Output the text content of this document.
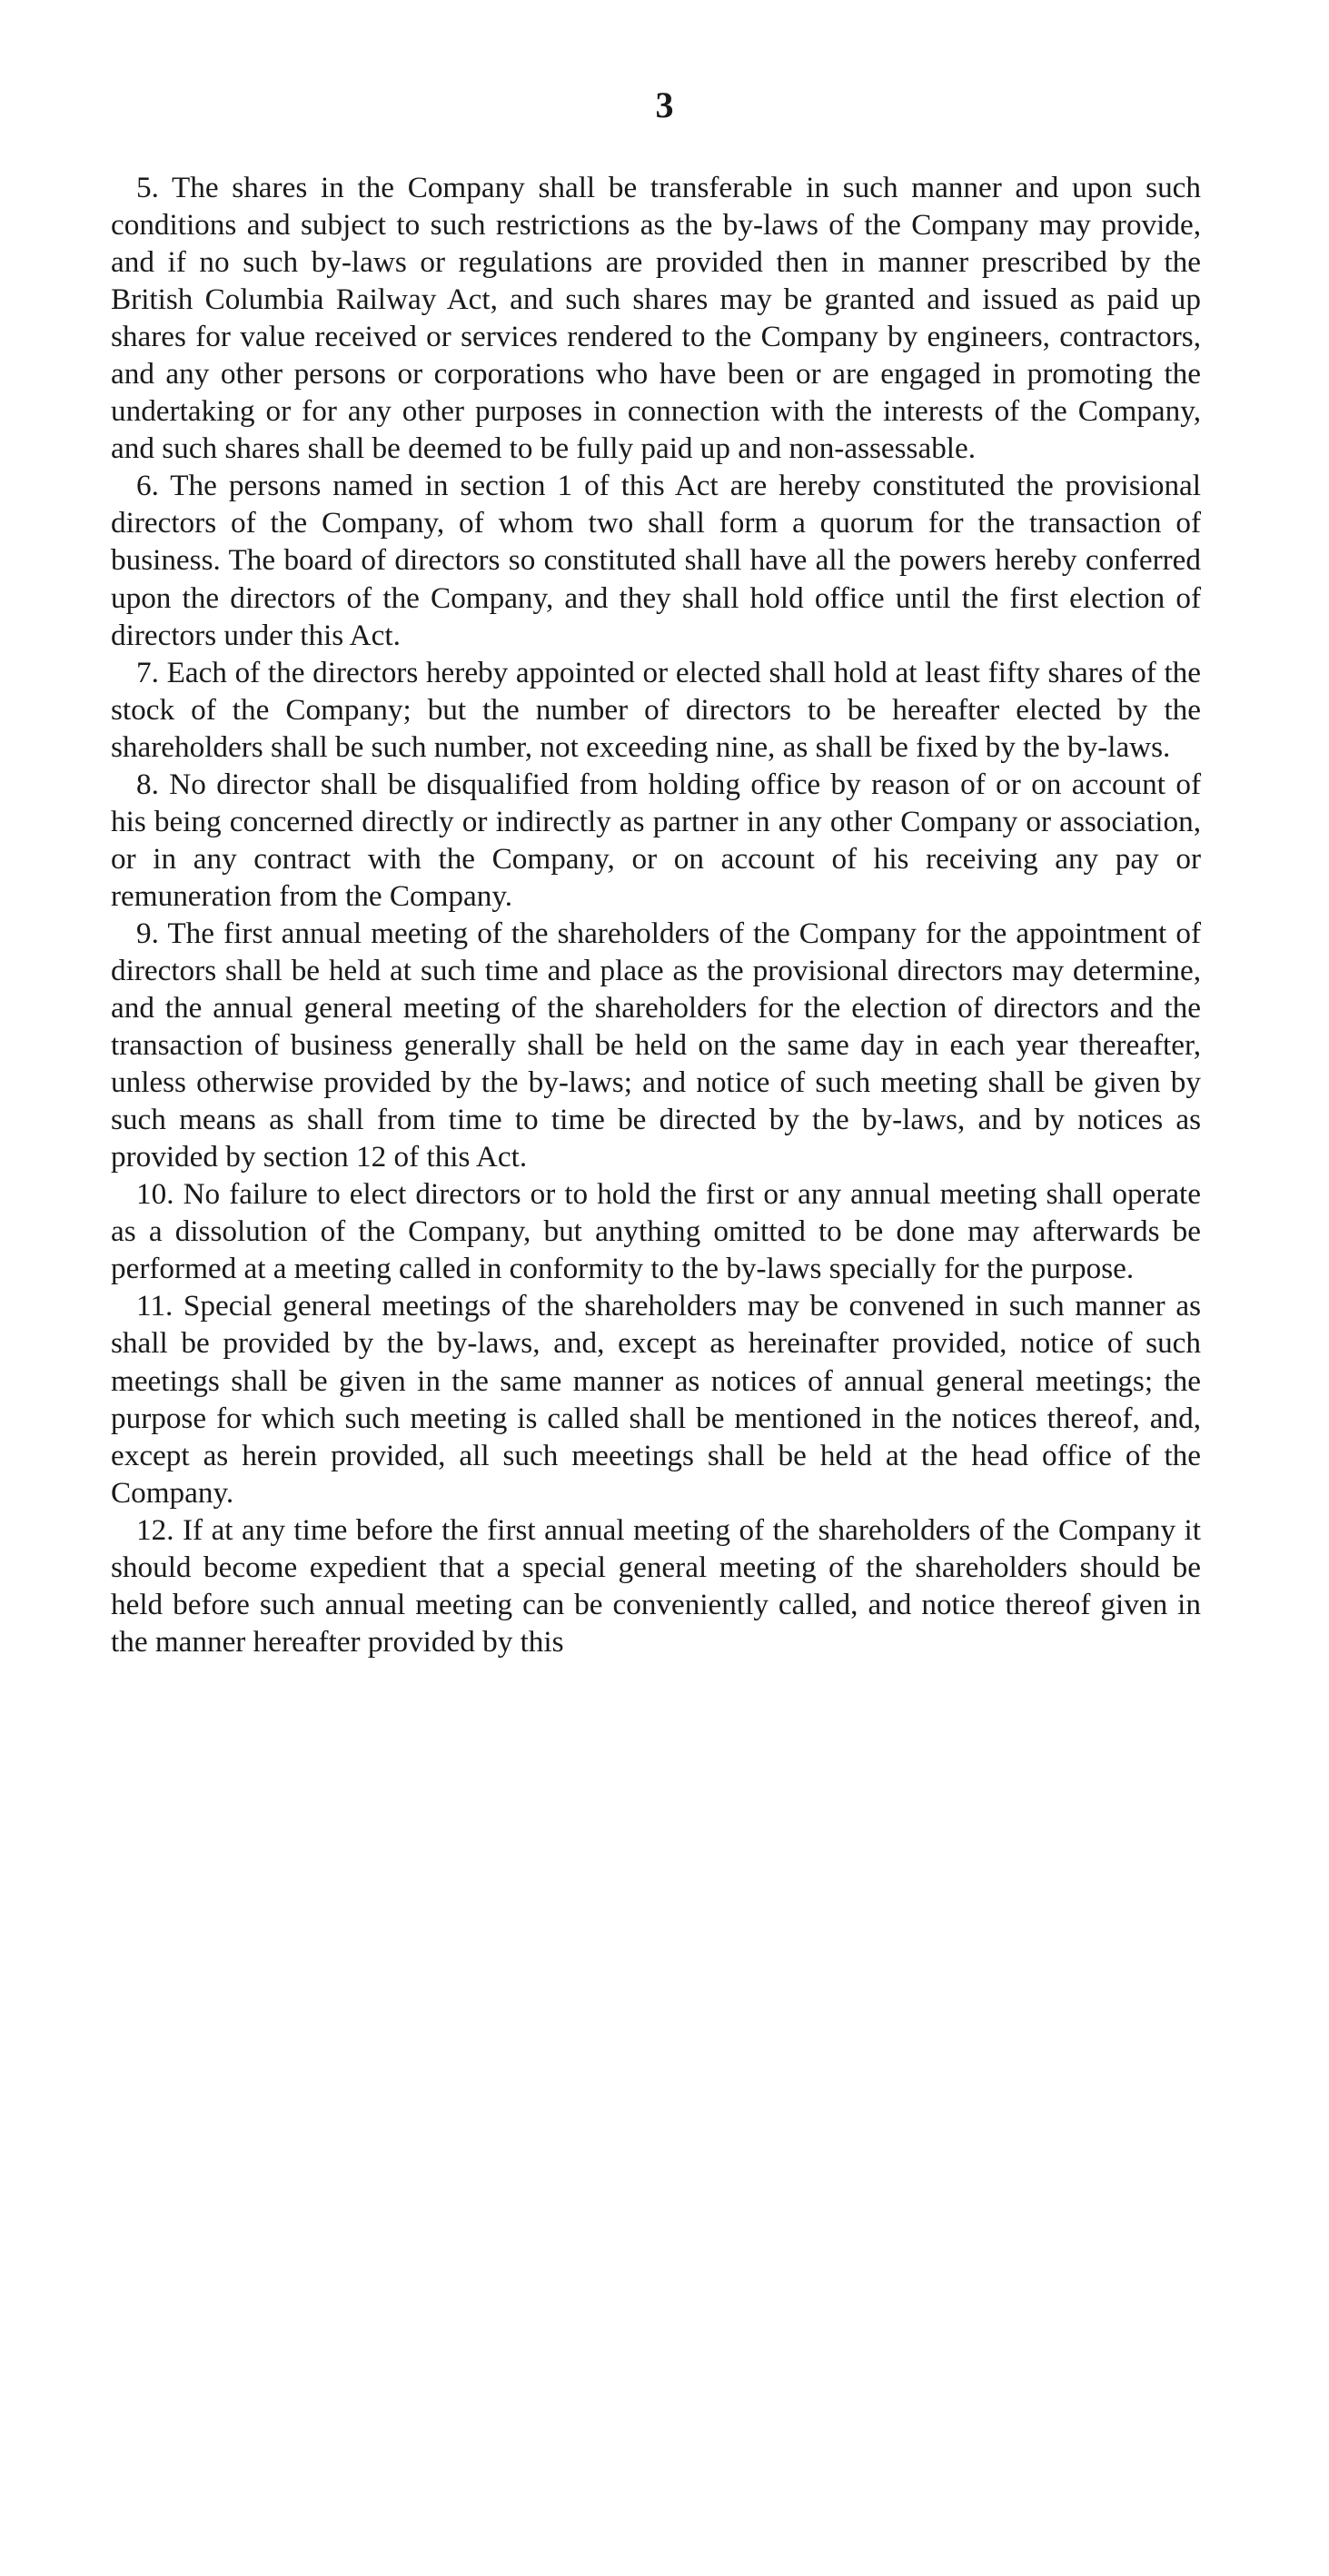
3

5. The shares in the Company shall be transferable in such manner and upon such conditions and subject to such restrictions as the by-laws of the Company may provide, and if no such by-laws or regulations are provided then in manner prescribed by the British Columbia Railway Act, and such shares may be granted and issued as paid up shares for value received or services rendered to the Company by engineers, contractors, and any other persons or corporations who have been or are engaged in promoting the undertaking or for any other purposes in connection with the interests of the Company, and such shares shall be deemed to be fully paid up and non-assessable.

6. The persons named in section 1 of this Act are hereby constituted the provisional directors of the Company, of whom two shall form a quorum for the transaction of business. The board of directors so constituted shall have all the powers hereby conferred upon the directors of the Company, and they shall hold office until the first election of directors under this Act.

7. Each of the directors hereby appointed or elected shall hold at least fifty shares of the stock of the Company; but the number of directors to be hereafter elected by the shareholders shall be such number, not exceeding nine, as shall be fixed by the by-laws.

8. No director shall be disqualified from holding office by reason of or on account of his being concerned directly or indirectly as partner in any other Company or association, or in any contract with the Company, or on account of his receiving any pay or remuneration from the Company.

9. The first annual meeting of the shareholders of the Company for the appointment of directors shall be held at such time and place as the provisional directors may determine, and the annual general meeting of the shareholders for the election of directors and the transaction of business generally shall be held on the same day in each year thereafter, unless otherwise provided by the by-laws; and notice of such meeting shall be given by such means as shall from time to time be directed by the by-laws, and by notices as provided by section 12 of this Act.

10. No failure to elect directors or to hold the first or any annual meeting shall operate as a dissolution of the Company, but anything omitted to be done may afterwards be performed at a meeting called in conformity to the by-laws specially for the purpose.

11. Special general meetings of the shareholders may be convened in such manner as shall be provided by the by-laws, and, except as hereinafter provided, notice of such meetings shall be given in the same manner as notices of annual general meetings; the purpose for which such meeting is called shall be mentioned in the notices thereof, and, except as herein provided, all such meeetings shall be held at the head office of the Company.

12. If at any time before the first annual meeting of the shareholders of the Company it should become expedient that a special general meeting of the shareholders should be held before such annual meeting can be conveniently called, and notice thereof given in the manner hereafter provided by this
